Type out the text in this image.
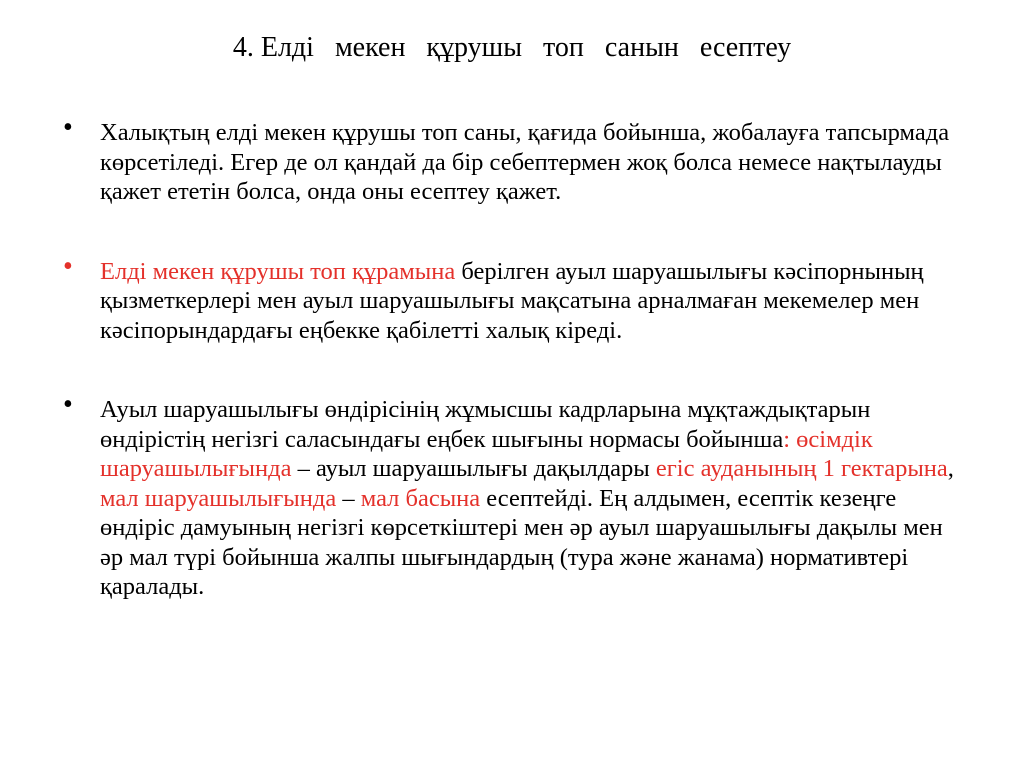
4. Елді   мекен   құрушы   топ   санын   есептеу
• Халықтың елді мекен құрушы топ саны, қағида бойынша, жобалауға тапсырмада көрсетіледі. Егер де ол қандай да бір себептермен жоқ болса немесе нақтылауды қажет ететін болса, онда оны есептеу қажет.
• Елді мекен құрушы топ құрамына берілген ауыл шаруашылығы кәсіпорнының қызметкерлері мен ауыл шаруашылығы мақсатына арналмаған мекемелер мен кәсіпорындардағы еңбекке қабілетті халық кіреді.
• Ауыл шаруашылығы өндірісінің жұмысшы кадрларына мұқтаждықтарын өндірістің негізгі саласындағы еңбек шығыны нормасы бойынша: өсімдік шаруашылығында – ауыл шаруашылығы дақылдары егіс ауданының 1 гектарына, мал шаруашылығында – мал басына есептейді. Ең алдымен, есептік кезеңге өндіріс дамуының негізгі көрсеткіштері мен әр ауыл шаруашылығы дақылы мен әр мал түрі бойынша жалпы шығындардың (тура және жанама) нормативтері қаралады.
